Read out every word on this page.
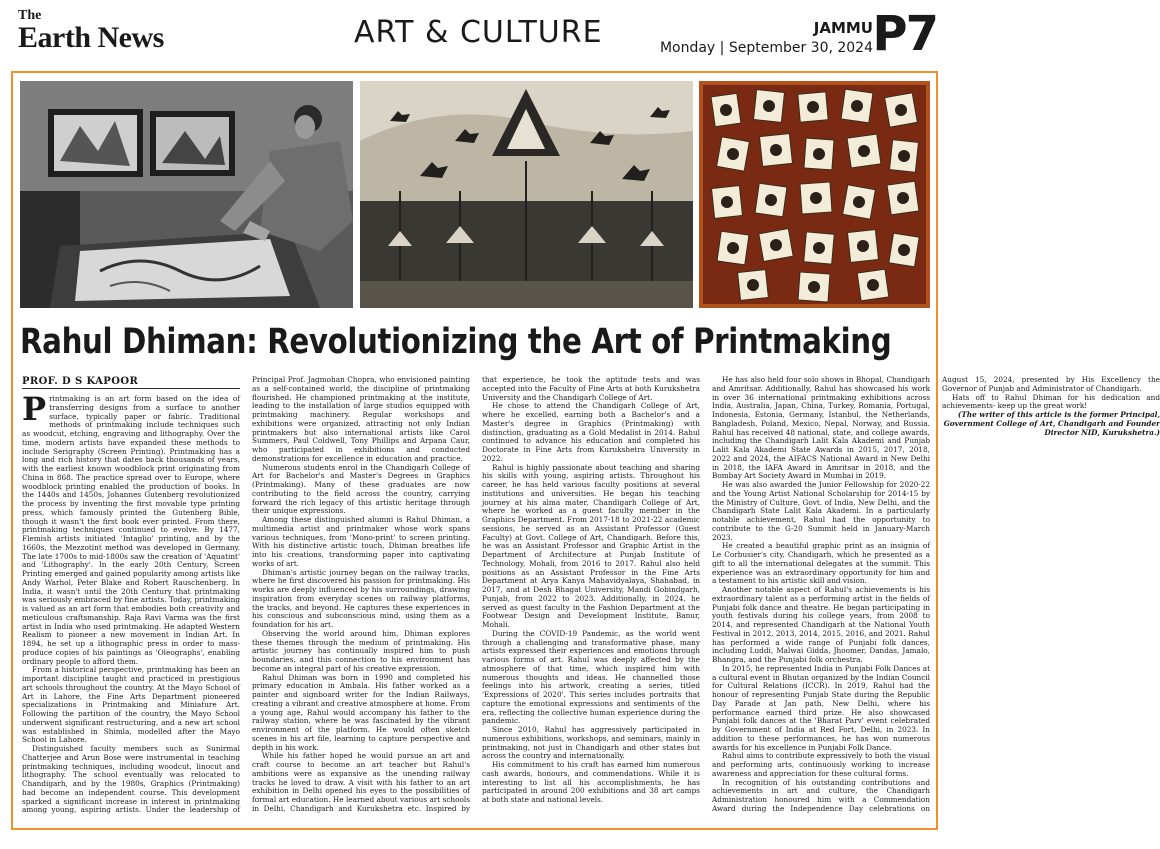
The
Earth News	ART & CULTURE	JAMMU
Monday | September 30, 2024 P7
Rahul Dhiman: Revolutionizing the Art of Printmaking
PROF. D S KAPOOR

Printmaking is an art form based on the idea of transferring designs from a surface to another surface, typically paper or fabric. Traditional methods of printmaking include techniques such as woodcut, etching, engraving and lithography. Over the time, modern artists have expanded these methods to include Serigraphy (Screen Printing). Printmaking has a long and rich history that dates back thousands of years, with the earliest known woodblock print originating from China in 868. The practice spread over to Europe, where woodblock printing enabled the production of books. In the 1440s and 1450s, Johannes Gutenberg revolutionized the process by inventing the first movable type printing press, which famously printed the Gutenberg Bible, though it wasn't the first book ever printed. From there, printmaking techniques continued to evolve. By 1477, Flemish artists initiated 'Intaglio' printing, and by the 1660s, the Mezzotint method was developed in Germany. The late 1700s to mid-1800s saw the creation of 'Aquatint' and 'Lithography'. In the early 20th Century, Screen Printing emerged and gained popularity among artists like Andy Warhol, Peter Blake and Robert Rauschenberg. In India, it wasn't until the 20th Century that printmaking was seriously embraced by fine artists. Today, printmaking is valued as an art form that embodies both creativity and meticulous craftsmanship. Raja Ravi Varma was the first artist in India who used printmaking. He adapted Western Realism to pioneer a new movement in Indian Art. In 1894, he set up a lithographic press in order to mass-produce copies of his paintings as 'Oleographs', enabling ordinary people to afford them.

From a historical perspective, printmaking has been an important discipline taught and practiced in prestigious art schools throughout the country. At the Mayo School of Art in Lahore, the Fine Arts Department pioneered specializations in Printmaking and Miniature Art. Following the partition of the country, the Mayo School underwent significant restructuring, and a new art school was established in Shimla, modelled after the Mayo School in Lahore.

Distinguished faculty members such as Sunirmal Chatterjee and Arun Bose were instrumental in teaching printmaking techniques, including woodcut, linocut and lithography. The school eventually was relocated to Chandigarh, and by the 1980s, Graphics (Printmaking) had become an independent course. This development sparked a significant increase in interest in printmaking among young, aspiring artists. Under the leadership of Principal Prof. Jagmohan Chopra, who envisioned painting as a self-contained world, the discipline of printmaking flourished. He championed printmaking at the institute, leading to the installation of large studios equipped with printmaking machinery. Regular workshops and exhibitions were organized, attracting not only Indian printmakers but also international artists like Carol Summers, Paul Coldwell, Tony Phillips and Arpana Caur, who participated in exhibitions and conducted demonstrations for excellence in education and practice.

Numerous students enrol in the Chandigarh College of Art for Bachelor's and Master's Degrees in Graphics (Printmaking). Many of these graduates are now contributing to the field across the country, carrying forward the rich legacy of this artistic heritage through their unique expressions.

Among these distinguished alumni is Rahul Dhiman, a multimedia artist and printmaker whose work spans various techniques, from 'Mono-print' to screen printing. With his distinctive artistic touch, Dhiman breathes life into his creations, transforming paper into captivating works of art.

Dhiman's artistic journey began on the railway tracks, where he first discovered his passion for printmaking. His works are deeply influenced by his surroundings, drawing inspiration from everyday scenes on railway platforms, the tracks, and beyond. He captures these experiences in his conscious and subconscious mind, using them as a foundation for his art.

Observing the world around him, Dhiman explores these themes through the medium of printmaking. His artistic journey has continually inspired him to push boundaries, and this connection to his environment has become an integral part of his creative expression.

Rahul Dhiman was born in 1990 and completed his primary education in Ambala. His father worked as a painter and signboard writer for the Indian Railways, creating a vibrant and creative atmosphere at home. From a young age, Rahul would accompany his father to the railway station, where he was fascinated by the vibrant environment of the platform. He would often sketch scenes in his art file, learning to capture perspective and depth in his work.

While his father hoped he would pursue an art and craft course to become an art teacher but Rahul's ambitions were as expansive as the unending railway tracks he loved to draw. A visit with his father to an art exhibition in Delhi opened his eyes to the possibilities of formal art education. He learned about various art schools in Delhi, Chandigarh and Kurukshetra etc. Inspired by that experience, he took the aptitude tests and was accepted into the Faculty of Fine Arts at both Kurukshetra University and the Chandigarh College of Art.

He chose to attend the Chandigarh College of Art, where he excelled, earning both a Bachelor's and a Master's degree in Graphics (Printmaking) with distinction, graduating as a Gold Medalist in 2014. Rahul continued to advance his education and completed his Doctorate in Fine Arts from Kurukshetra University in 2022.

Rahul is highly passionate about teaching and sharing his skills with young, aspiring artists. Throughout his career, he has held various faculty positions at several institutions and universities. He began his teaching journey at his alma mater, Chandigarh College of Art, where he worked as a guest faculty member in the Graphics Department. From 2017-18 to 2021-22 academic sessions, he served as an Assistant Professor (Guest Faculty) at Govt. College of Art, Chandigarh. Before this, he was an Assistant Professor and Graphic Artist in the Department of Architecture at Punjab Institute of Technology, Mohali, from 2016 to 2017. Rahul also held positions as an Assistant Professor in the Fine Arts Department at Arya Kanya Mahavidyalaya, Shahabad, in 2017, and at Desh Bhagat University, Mandi Gobindgarh, Punjab, from 2022 to 2023. Additionally, in 2024, he served as guest faculty in the Fashion Department at the Footwear Design and Development Institute, Banur, Mohali.

During the COVID-19 Pandemic, as the world went through a challenging and transformative phase, many artists expressed their experiences and emotions through various forms of art. Rahul was deeply affected by the atmosphere of that time, which inspired him with numerous thoughts and ideas. He channelled those feelings into his artwork, creating a series, titled 'Expressions of 2020'. This series includes portraits that capture the emotional expressions and sentiments of the era, reflecting the collective human experience during the pandemic.

Since 2010, Rahul has aggressively participated in numerous exhibitions, workshops, and seminars, mainly in printmaking, not just in Chandigarh and other states but across the country and internationally.

His commitment to his craft has earned him numerous cash awards, honours, and commendations. While it is interesting to list all his accomplishments, he has participated in around 200 exhibitions and 38 art camps at both state and national levels.

He has also held four solo shows in Bhopal, Chandigarh and Amritsar. Additionally, Rahul has showcased his work in over 36 international printmaking exhibitions across India, Australia, Japan, China, Turkey, Romania, Portugal, Indonesia, Estonia, Germany, Istanbul, the Netherlands, Bangladesh, Poland, Mexico, Nepal, Norway, and Russia. Rahul has received 48 national, state, and college awards, including the Chandigarh Lalit Kala Akademi and Punjab Lalit Kala Akademi State Awards in 2015, 2017, 2018, 2022 and 2024, the AIFACS National Award in New Delhi in 2018, the IAFA Award in Amritsar in 2018, and the Bombay Art Society Award in Mumbai in 2019.

He was also awarded the Junior Fellowship for 2020-22 and the Young Artist National Scholarship for 2014-15 by the Ministry of Culture, Govt. of India, New Delhi, and the Chandigarh State Lalit Kala Akademi. In a particularly notable achievement, Rahul had the opportunity to contribute to the G-20 Summit held in January-March 2023.

He created a beautiful graphic print as an insignia of Le Corbusier's city, Chandigarh, which he presented as a gift to all the international delegates at the summit. This experience was an extraordinary opportunity for him and a testament to his artistic skill and vision.

Another notable aspect of Rahul's achievements is his extraordinary talent as a performing artist in the fields of Punjabi folk dance and theatre. He began participating in youth festivals during his college years, from 2008 to 2014, and represented Chandigarh at the National Youth Festival in 2012, 2013, 2014, 2015, 2016, and 2021. Rahul has performed a wide range of Punjabi folk dances, including Luddi, Malwai Gidda, Jhoomer, Dandas, Jamalo, Bhangra, and the Punjabi folk orchestra.

In 2015, he represented India in Punjabi Folk Dances at a cultural event in Bhutan organized by the Indian Council for Cultural Relations (ICCR). In 2019, Rahul had the honour of representing Punjab State during the Republic Day Parade at Jan path, New Delhi, where his performance earned third prize. He also showcased Punjabi folk dances at the 'Bharat Parv' event celebrated by Government of India at Red Fort, Delhi, in 2023. In addition to these performances, he has won numerous awards for his excellence in Punjabi Folk Dance.

Rahul aims to contribute expressively to both the visual and performing arts, continuously working to increase awareness and appreciation for these cultural forms.

In recognition of his outstanding contributions and achievements in art and culture, the Chandigarh Administration honoured him with a Commendation Award during the Independence Day celebrations on August 15, 2024, presented by His Excellency the Governor of Punjab and Administrator of Chandigarh.

Hats off to Rahul Dhiman for his dedication and achievements- keep up the great work!

(The writer of this article is the former Principal, Government College of Art, Chandigarh and Founder Director NID, Kurukshetra.)
